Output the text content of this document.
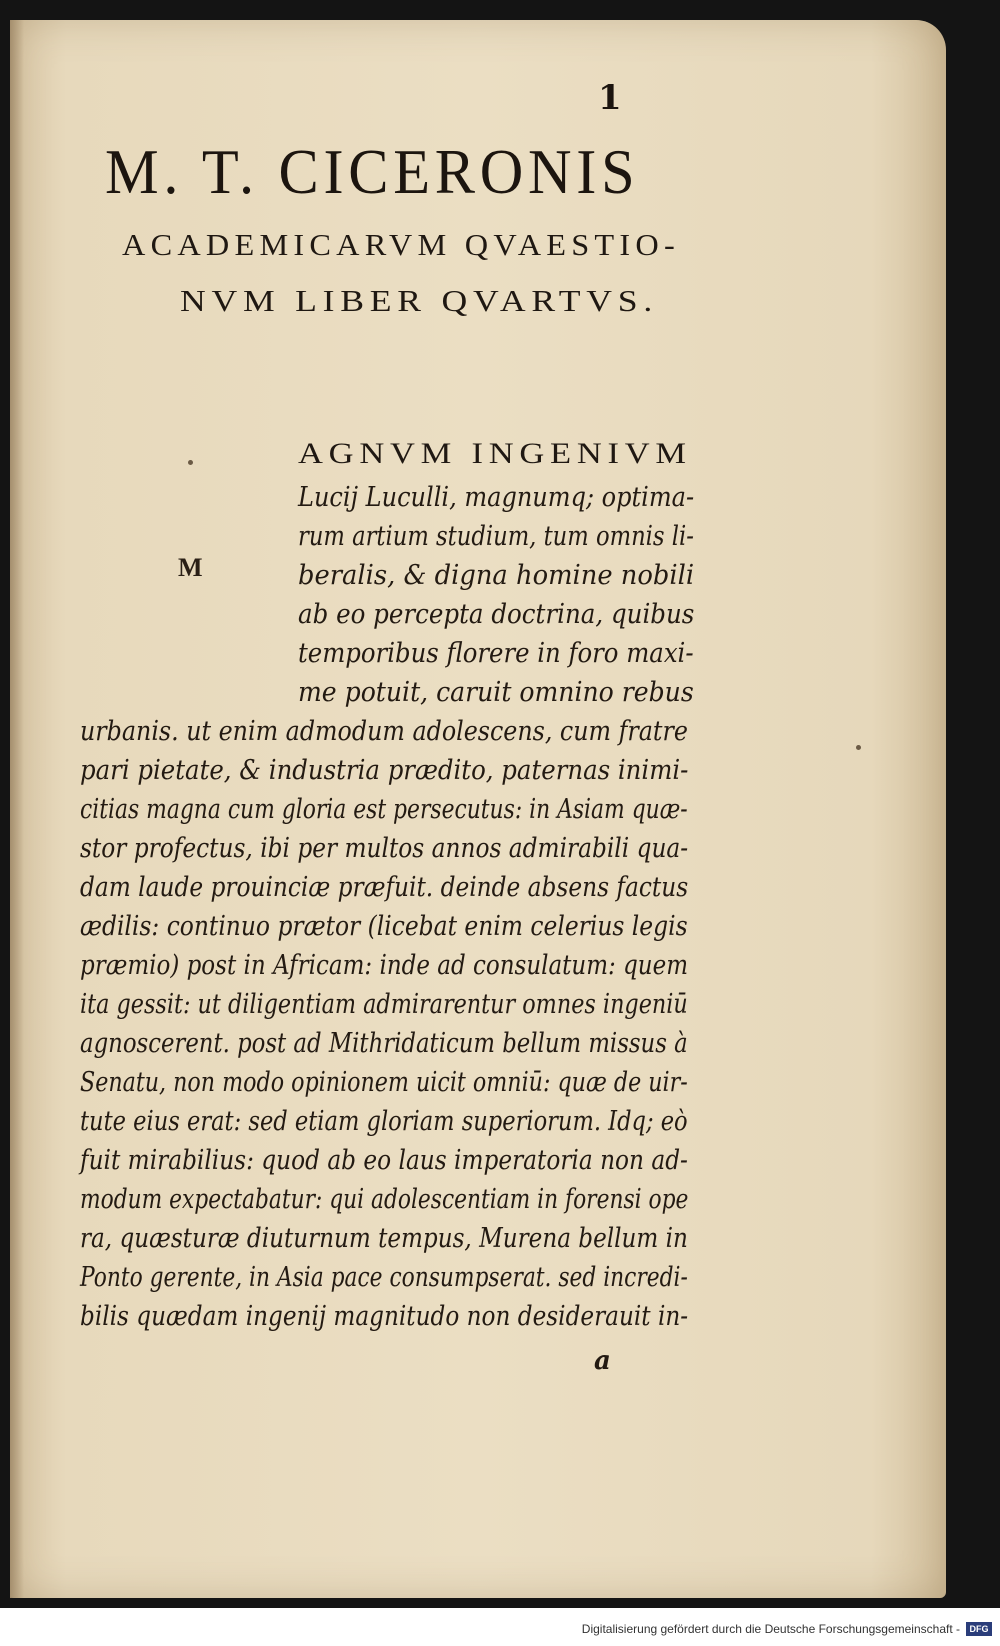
1
M. T. CICERONIS
ACADEMICARVM QVAESTIO-
NVM LIBER QVARTVS.
M
AGNVM INGENIVM
Lucij Luculli, magnumq; optima-
rum artium studium, tum omnis li-
beralis, & digna homine nobili
ab eo percepta doctrina, quibus
temporibus florere in foro maxi-
me potuit, caruit omnino rebus
urbanis. ut enim admodum adolescens, cum fratre
pari pietate, & industria prædito, paternas inimi-
citias magna cum gloria est persecutus: in Asiam quæ-
stor profectus, ibi per multos annos admirabili qua-
dam laude prouinciæ præfuit. deinde absens factus
ædilis: continuo prætor (licebat enim celerius legis
præmio) post in Africam: inde ad consulatum: quem
ita gessit: ut diligentiam admirarentur omnes ingeniū
agnoscerent. post ad Mithridaticum bellum missus à
Senatu, non modo opinionem uicit omniū: quæ de uir-
tute eius erat: sed etiam gloriam superiorum. Idq; eò
fuit mirabilius: quod ab eo laus imperatoria non ad-
modum expectabatur: qui adolescentiam in forensi ope
ra, quæsturæ diuturnum tempus, Murena bellum in
Ponto gerente, in Asia pace consumpserat. sed incredi-
bilis quædam ingenij magnitudo non desiderauit in-
a
Digitalisierung gefördert durch die Deutsche Forschungsgemeinschaft -	DFG
